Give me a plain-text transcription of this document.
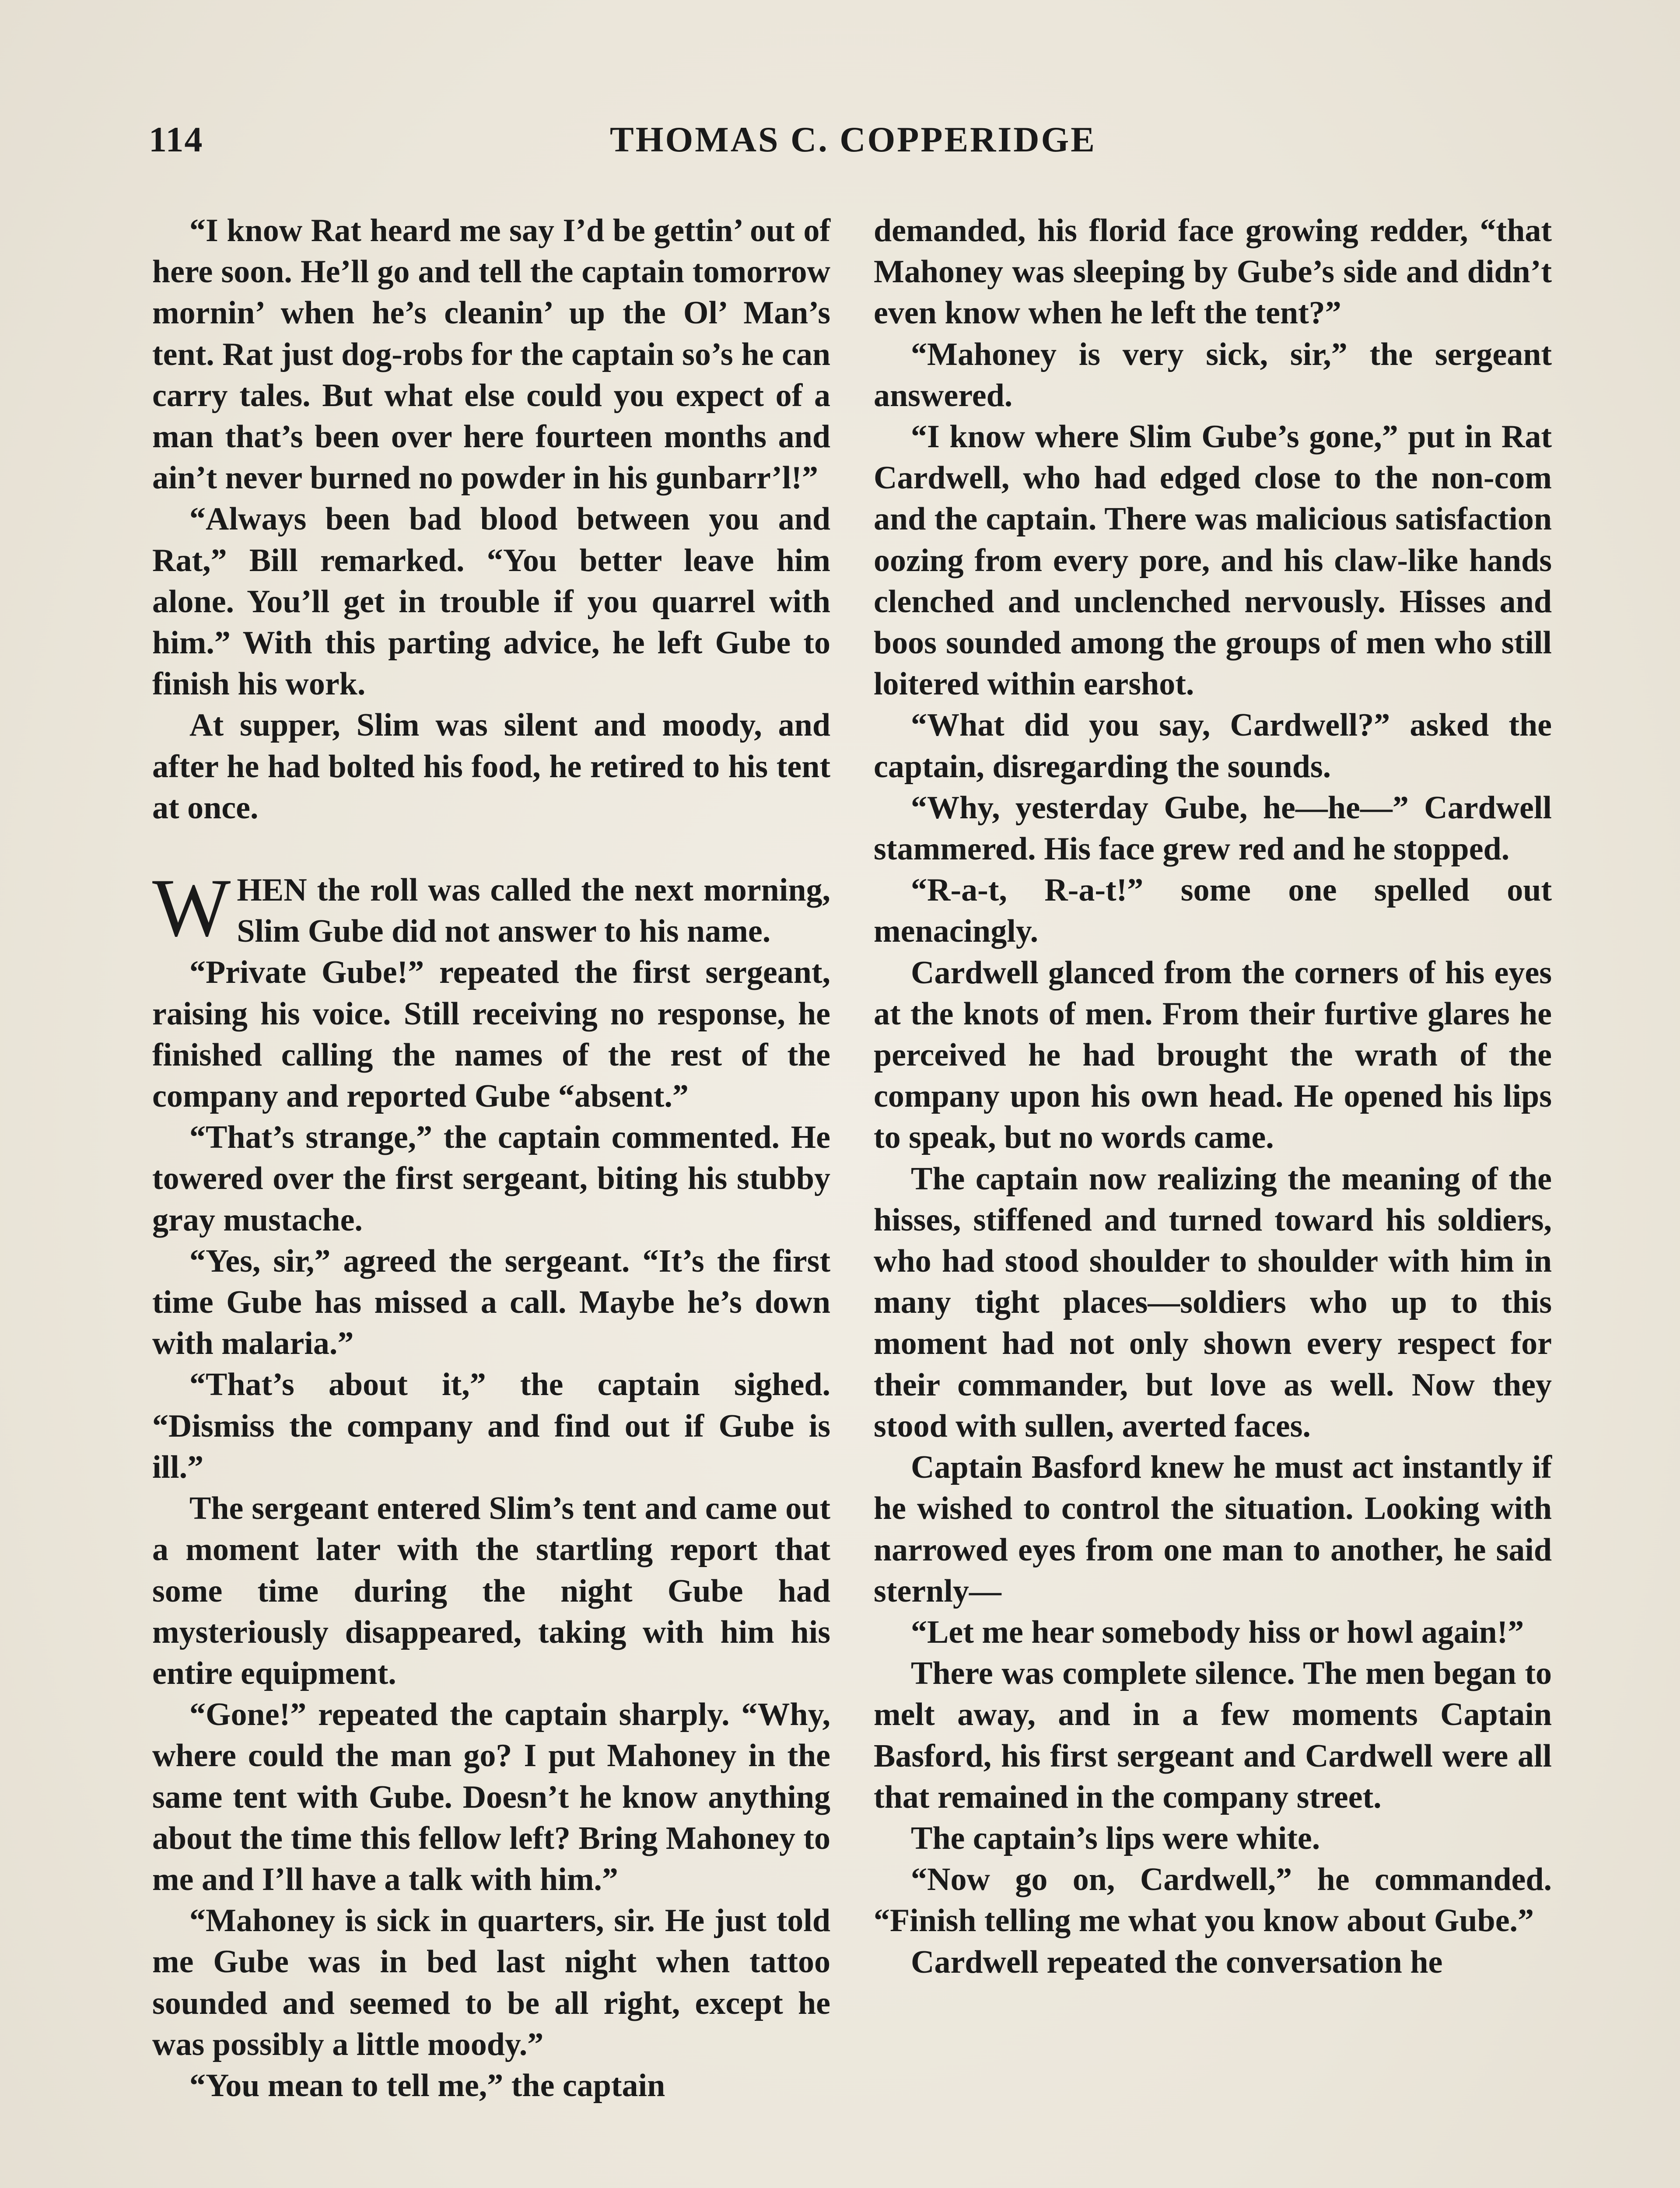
114	THOMAS C. COPPERIDGE

“I know Rat heard me say I’d be gettin’ out of here soon. He’ll go and tell the captain tomorrow mornin’ when he’s cleanin’ up the Ol’ Man’s tent. Rat just dog-robs for the captain so’s he can carry tales. But what else could you expect of a man that’s been over here fourteen months and ain’t never burned no powder in his gunbarr’l!”

“Always been bad blood between you and Rat,” Bill remarked. “You better leave him alone. You’ll get in trouble if you quarrel with him.” With this parting advice, he left Gube to finish his work.

At supper, Slim was silent and moody, and after he had bolted his food, he retired to his tent at once.

WHEN the roll was called the next morning, Slim Gube did not answer to his name.

“Private Gube!” repeated the first sergeant, raising his voice. Still receiving no response, he finished calling the names of the rest of the company and reported Gube “absent.”

“That’s strange,” the captain commented. He towered over the first sergeant, biting his stubby gray mustache.

“Yes, sir,” agreed the sergeant. “It’s the first time Gube has missed a call. Maybe he’s down with malaria.”

“That’s about it,” the captain sighed. “Dismiss the company and find out if Gube is ill.”

The sergeant entered Slim’s tent and came out a moment later with the startling report that some time during the night Gube had mysteriously disappeared, taking with him his entire equipment.

“Gone!” repeated the captain sharply. “Why, where could the man go? I put Mahoney in the same tent with Gube. Doesn’t he know anything about the time this fellow left? Bring Mahoney to me and I’ll have a talk with him.”

“Mahoney is sick in quarters, sir. He just told me Gube was in bed last night when tattoo sounded and seemed to be all right, except he was possibly a little moody.”

“You mean to tell me,” the captain

demanded, his florid face growing redder, “that Mahoney was sleeping by Gube’s side and didn’t even know when he left the tent?”

“Mahoney is very sick, sir,” the sergeant answered.

“I know where Slim Gube’s gone,” put in Rat Cardwell, who had edged close to the non-com and the captain. There was malicious satisfaction oozing from every pore, and his claw-like hands clenched and unclenched nervously. Hisses and boos sounded among the groups of men who still loitered within earshot.

“What did you say, Cardwell?” asked the captain, disregarding the sounds.

“Why, yesterday Gube, he—he—” Cardwell stammered. His face grew red and he stopped.

“R-a-t, R-a-t!” some one spelled out menacingly.

Cardwell glanced from the corners of his eyes at the knots of men. From their furtive glares he perceived he had brought the wrath of the company upon his own head. He opened his lips to speak, but no words came.

The captain now realizing the meaning of the hisses, stiffened and turned toward his soldiers, who had stood shoulder to shoulder with him in many tight places—soldiers who up to this moment had not only shown every respect for their commander, but love as well. Now they stood with sullen, averted faces.

Captain Basford knew he must act instantly if he wished to control the situation. Looking with narrowed eyes from one man to another, he said sternly—

“Let me hear somebody hiss or howl again!”

There was complete silence. The men began to melt away, and in a few moments Captain Basford, his first sergeant and Cardwell were all that remained in the company street.

The captain’s lips were white.

“Now go on, Cardwell,” he commanded. “Finish telling me what you know about Gube.”

Cardwell repeated the conversation he
